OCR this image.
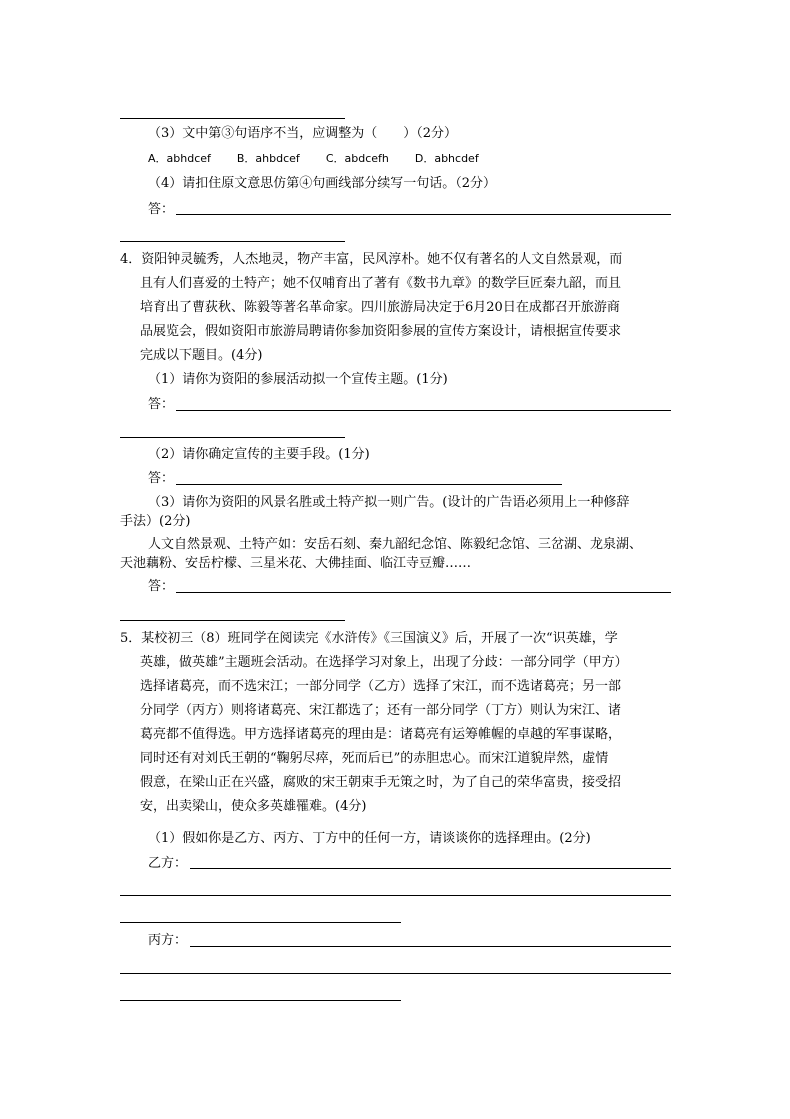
（3）文中第③句语序不当，应调整为（　　）（2分）
A．abhdcef B．ahbdcef C．abdcefh D．abhcdef
（4）请扣住原文意思仿第④句画线部分续写一句话。（2分）
答：
4．资阳钟灵毓秀，人杰地灵，物产丰富，民风淳朴。她不仅有著名的人文自然景观，而
且有人们喜爱的土特产；她不仅哺育出了著有《数书九章》的数学巨匠秦九韶，而且
培育出了曹荻秋、陈毅等著名革命家。四川旅游局决定于6月20日在成都召开旅游商
品展览会，假如资阳市旅游局聘请你参加资阳参展的宣传方案设计，请根据宣传要求
完成以下题目。(4分)
（1）请你为资阳的参展活动拟一个宣传主题。(1分)
答：
（2）请你确定宣传的主要手段。(1分)
答：
（3）请你为资阳的风景名胜或土特产拟一则广告。(设计的广告语必须用上一种修辞
手法）(2分)
人文自然景观、土特产如：安岳石刻、秦九韶纪念馆、陈毅纪念馆、三岔湖、龙泉湖、
天池藕粉、安岳柠檬、三星米花、大佛挂面、临江寺豆瓣……
答：
5．某校初三（8）班同学在阅读完《水浒传》《三国演义》后，开展了一次“识英雄，学
英雄，做英雄”主题班会活动。在选择学习对象上，出现了分歧：一部分同学（甲方）
选择诸葛亮，而不选宋江；一部分同学（乙方）选择了宋江，而不选诸葛亮；另一部
分同学（丙方）则将诸葛亮、宋江都选了；还有一部分同学（丁方）则认为宋江、诸
葛亮都不值得选。甲方选择诸葛亮的理由是：诸葛亮有运筹帷幄的卓越的军事谋略，
同时还有对刘氏王朝的“鞠躬尽瘁，死而后已”的赤胆忠心。而宋江道貌岸然，虚情
假意，在梁山正在兴盛，腐败的宋王朝束手无策之时，为了自己的荣华富贵，接受招
安，出卖梁山，使众多英雄罹难。(4分)
（1）假如你是乙方、丙方、丁方中的任何一方，请谈谈你的选择理由。(2分)
乙方：
丙方：
